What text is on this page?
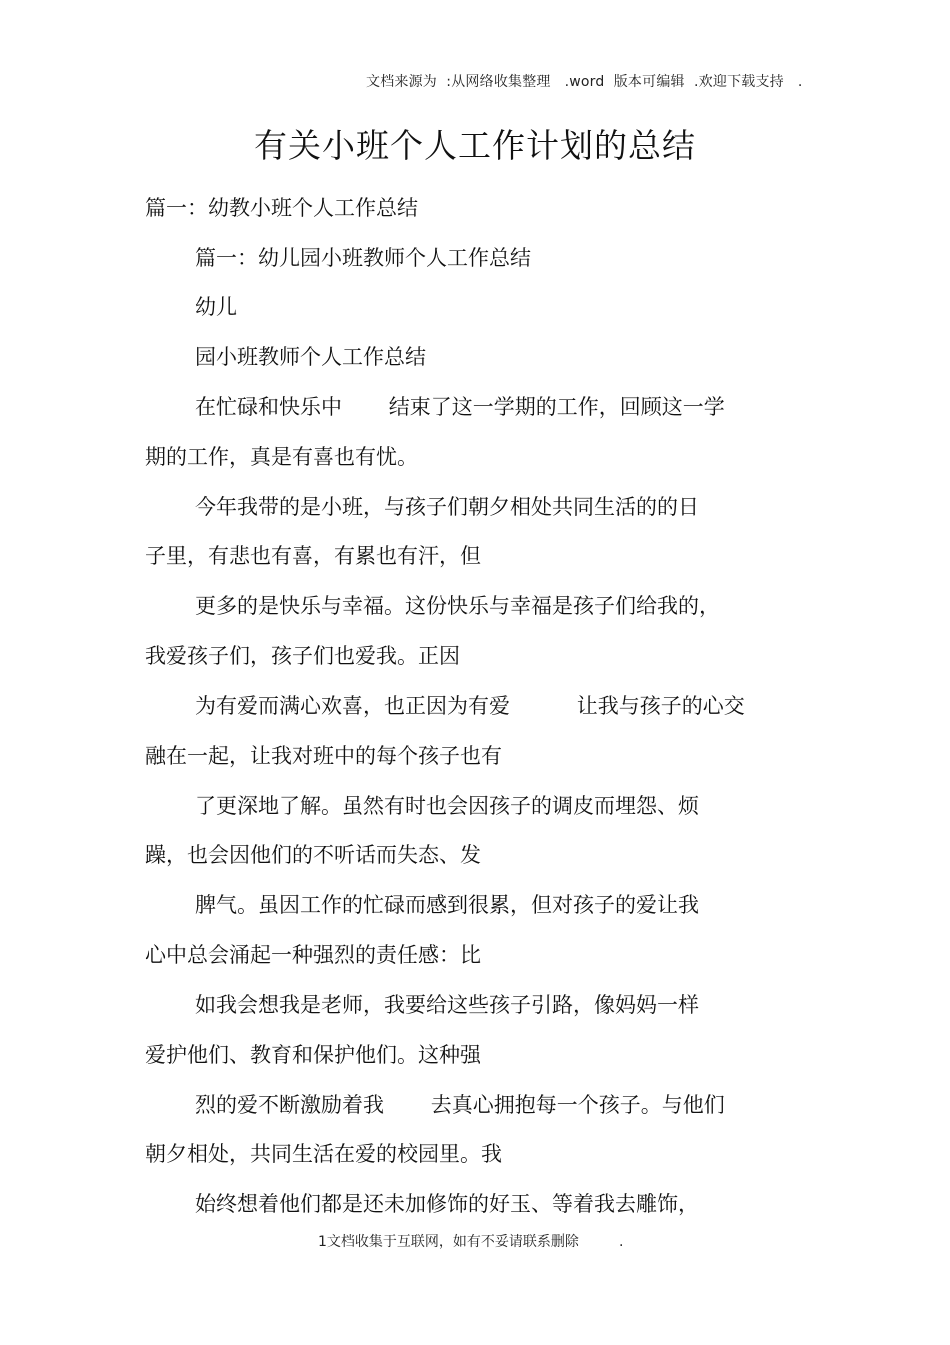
文档来源为  :从网络收集整理   .word  版本可编辑  .欢迎下载支持   .
有关小班个人工作计划的总结
篇一：幼教小班个人工作总结
篇一：幼儿园小班教师个人工作总结
幼儿
园小班教师个人工作总结
在忙碌和快乐中       结束了这一学期的工作，回顾这一学
期的工作，真是有喜也有忧。
今年我带的是小班，与孩子们朝夕相处共同生活的的日
子里，有悲也有喜，有累也有汗，但
更多的是快乐与幸福。这份快乐与幸福是孩子们给我的，
我爱孩子们，孩子们也爱我。正因
为有爱而满心欢喜，也正因为有爱          让我与孩子的心交
融在一起，让我对班中的每个孩子也有
了更深地了解。虽然有时也会因孩子的调皮而埋怨、烦
躁，也会因他们的不听话而失态、发
脾气。虽因工作的忙碌而感到很累，但对孩子的爱让我
心中总会涌起一种强烈的责任感：比
如我会想我是老师，我要给这些孩子引路，像妈妈一样
爱护他们、教育和保护他们。这种强
烈的爱不断激励着我       去真心拥抱每一个孩子。与他们
朝夕相处，共同生活在爱的校园里。我
始终想着他们都是还未加修饰的好玉、等着我去雕饰，
1文档收集于互联网，如有不妥请联系删除         .
